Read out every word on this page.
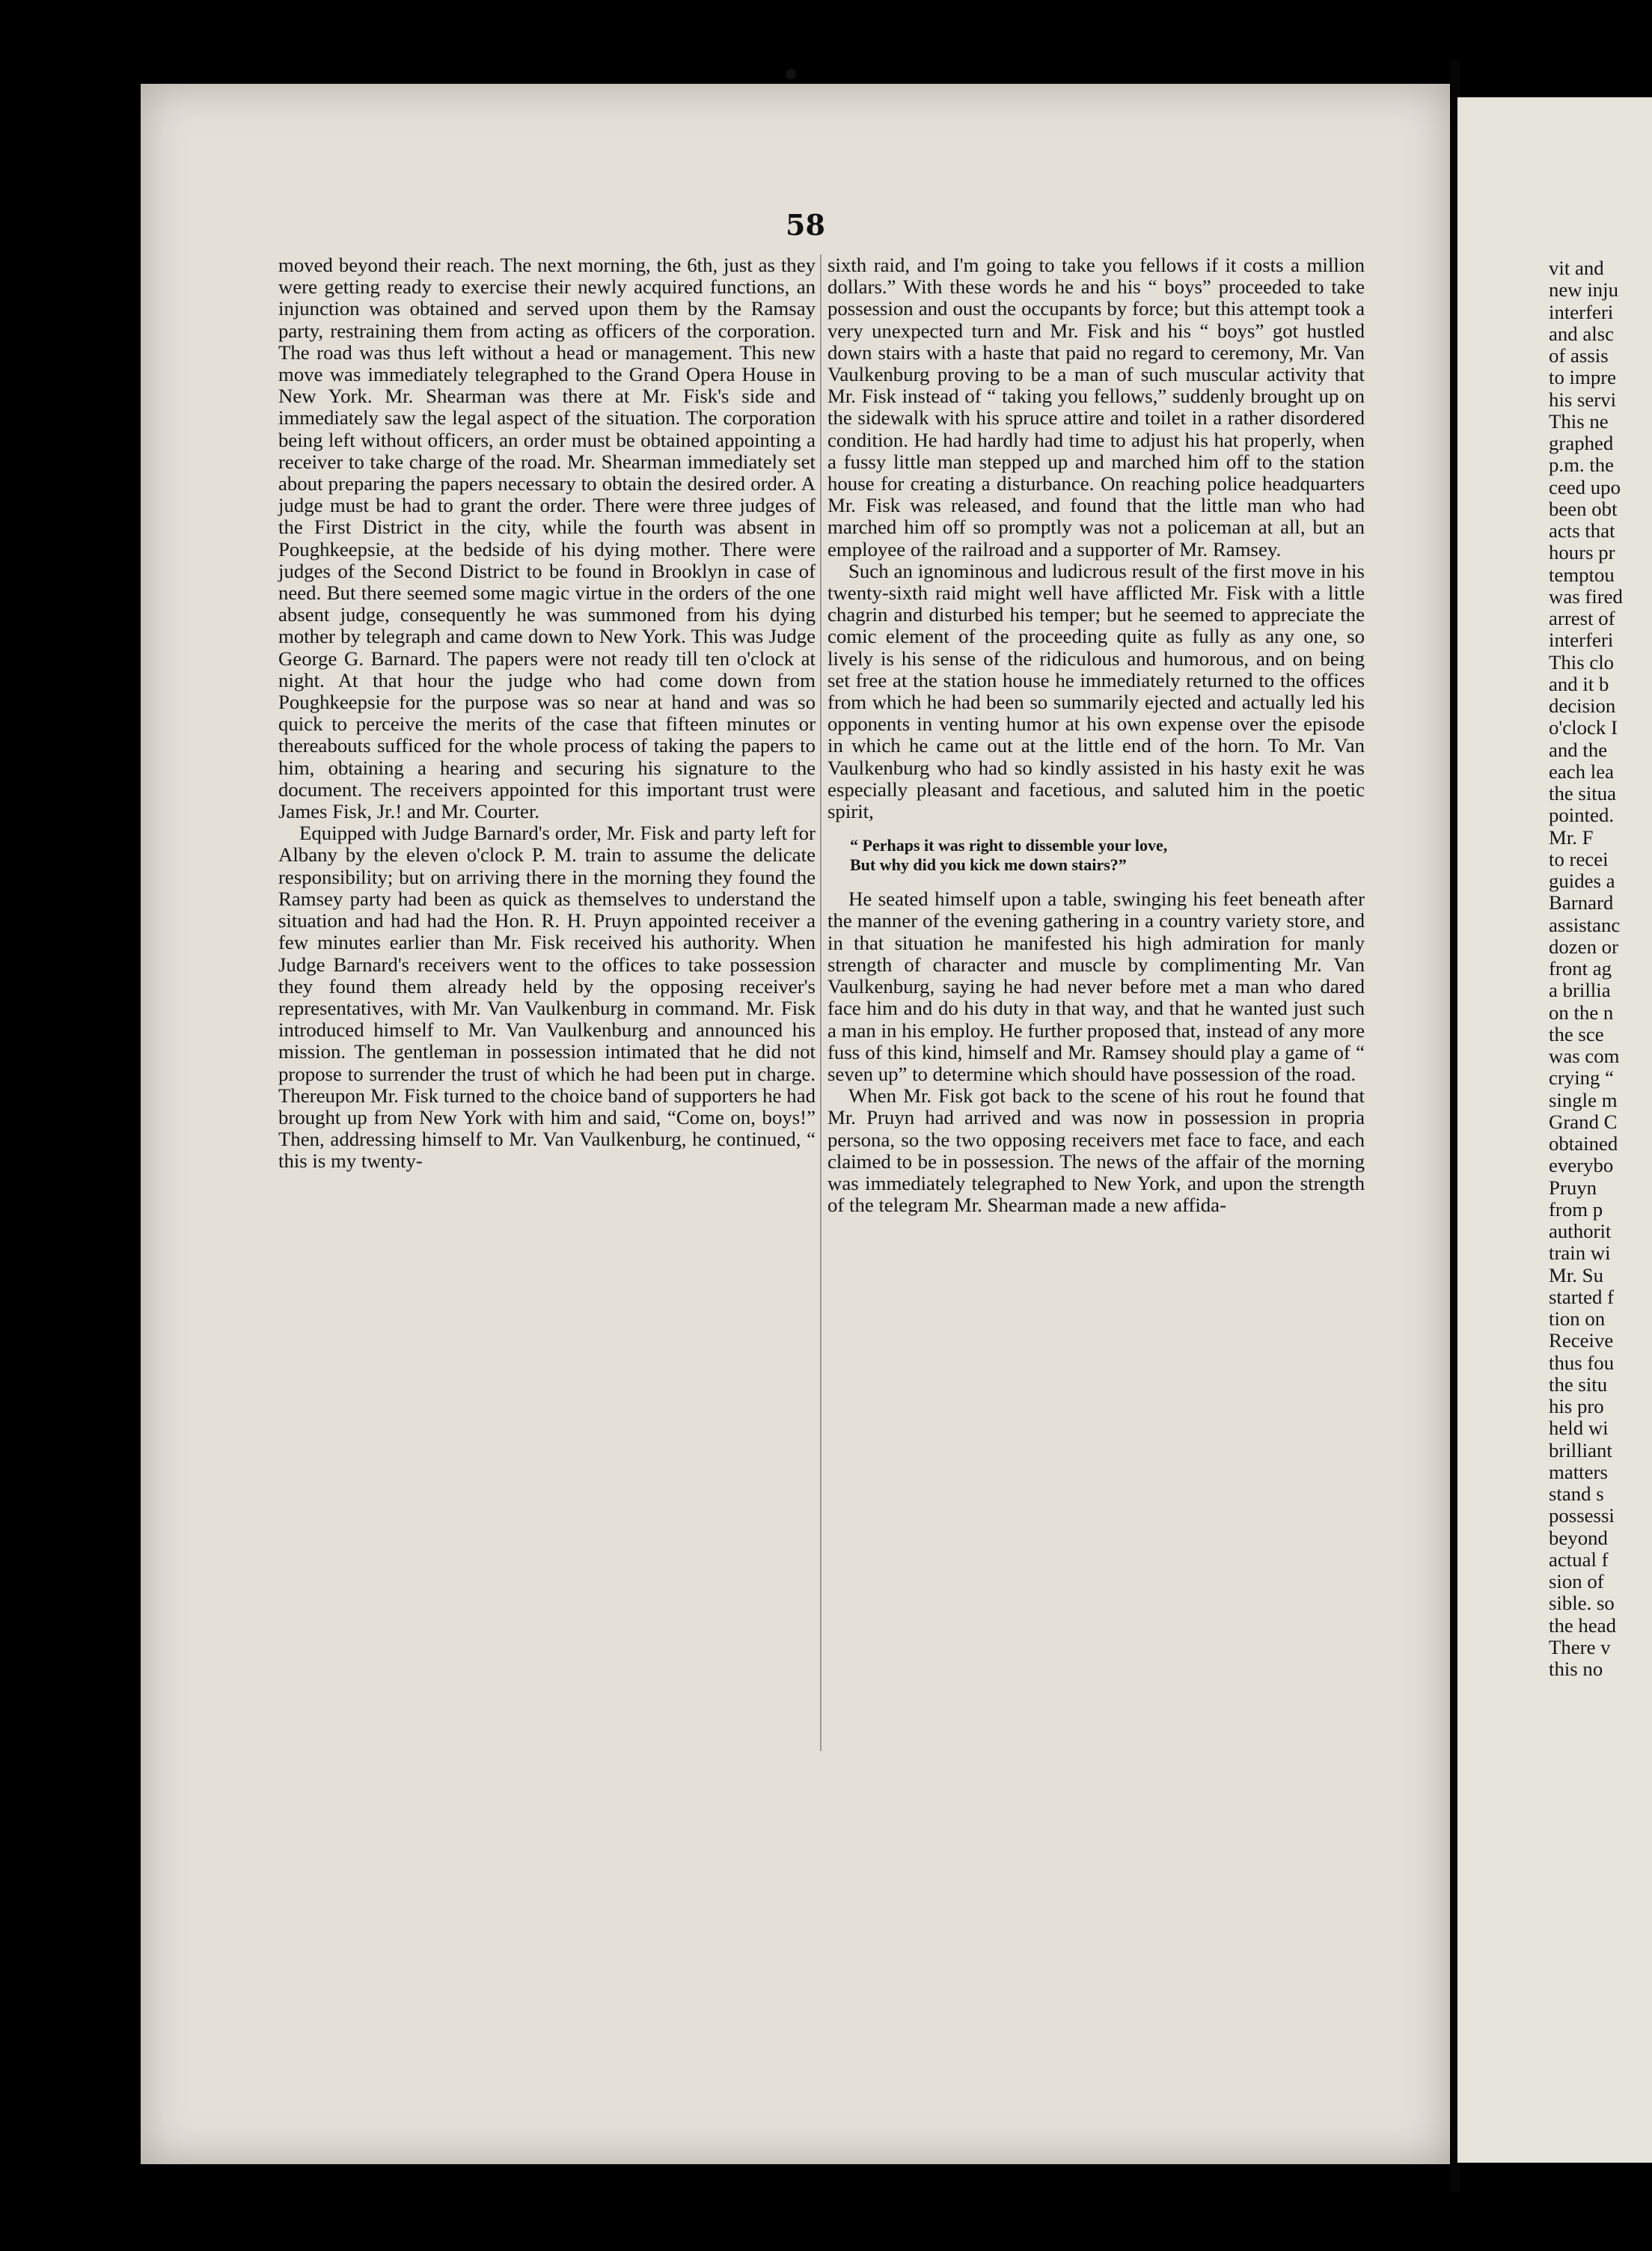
58

moved beyond their reach. The next morning, the 6th, just as they were getting ready to exercise their newly acquired functions, an injunction was obtained and served upon them by the Ramsay party, restraining them from acting as officers of the corporation. The road was thus left without a head or management. This new move was immediately telegraphed to the Grand Opera House in New York. Mr. Shearman was there at Mr. Fisk's side and immediately saw the legal aspect of the situation. The corporation being left without officers, an order must be obtained appointing a receiver to take charge of the road. Mr. Shearman immediately set about preparing the papers necessary to obtain the desired order. A judge must be had to grant the order. There were three judges of the First District in the city, while the fourth was absent in Poughkeepsie, at the bedside of his dying mother. There were judges of the Second District to be found in Brooklyn in case of need. But there seemed some magic virtue in the orders of the one absent judge, consequently he was summoned from his dying mother by telegraph and came down to New York. This was Judge George G. Barnard. The papers were not ready till ten o'clock at night. At that hour the judge who had come down from Poughkeepsie for the purpose was so near at hand and was so quick to perceive the merits of the case that fifteen minutes or thereabouts sufficed for the whole process of taking the papers to him, obtaining a hearing and securing his signature to the document. The receivers appointed for this important trust were James Fisk, Jr.! and Mr. Courter.

Equipped with Judge Barnard's order, Mr. Fisk and party left for Albany by the eleven o'clock P. M. train to assume the delicate responsibility; but on arriving there in the morning they found the Ramsey party had been as quick as themselves to understand the situation and had had the Hon. R. H. Pruyn appointed receiver a few minutes earlier than Mr. Fisk received his authority. When Judge Barnard's receivers went to the offices to take possession they found them already held by the opposing receiver's representatives, with Mr. Van Vaulkenburg in command. Mr. Fisk introduced himself to Mr. Van Vaulkenburg and announced his mission. The gentleman in possession intimated that he did not propose to surrender the trust of which he had been put in charge. Thereupon Mr. Fisk turned to the choice band of supporters he had brought up from New York with him and said, “Come on, boys!” Then, addressing himself to Mr. Van Vaulkenburg, he continued, “ this is my twenty-

sixth raid, and I'm going to take you fellows if it costs a million dollars.” With these words he and his “ boys” proceeded to take possession and oust the occupants by force; but this attempt took a very unexpected turn and Mr. Fisk and his “ boys” got hustled down stairs with a haste that paid no regard to ceremony, Mr. Van Vaulkenburg proving to be a man of such muscular activity that Mr. Fisk instead of “ taking you fellows,” suddenly brought up on the sidewalk with his spruce attire and toilet in a rather disordered condition. He had hardly had time to adjust his hat properly, when a fussy little man stepped up and marched him off to the station house for creating a disturbance. On reaching police headquarters Mr. Fisk was released, and found that the little man who had marched him off so promptly was not a policeman at all, but an employee of the railroad and a supporter of Mr. Ramsey.

Such an ignominous and ludicrous result of the first move in his twenty-sixth raid might well have afflicted Mr. Fisk with a little chagrin and disturbed his temper; but he seemed to appreciate the comic element of the proceeding quite as fully as any one, so lively is his sense of the ridiculous and humorous, and on being set free at the station house he immediately returned to the offices from which he had been so summarily ejected and actually led his opponents in venting humor at his own expense over the episode in which he came out at the little end of the horn. To Mr. Van Vaulkenburg who had so kindly assisted in his hasty exit he was especially pleasant and facetious, and saluted him in the poetic spirit,

“ Perhaps it was right to dissemble your love,
But why did you kick me down stairs?”

He seated himself upon a table, swinging his feet beneath after the manner of the evening gathering in a country variety store, and in that situation he manifested his high admiration for manly strength of character and muscle by complimenting Mr. Van Vaulkenburg, saying he had never before met a man who dared face him and do his duty in that way, and that he wanted just such a man in his employ. He further proposed that, instead of any more fuss of this kind, himself and Mr. Ramsey should play a game of “ seven up” to determine which should have possession of the road.

When Mr. Fisk got back to the scene of his rout he found that Mr. Pruyn had arrived and was now in possession in propria persona, so the two opposing receivers met face to face, and each claimed to be in possession. The news of the affair of the morning was immediately telegraphed to New York, and upon the strength of the telegram Mr. Shearman made a new affida-

vit and
new inju
interferi
and alsc
of assis
to impre
his servi
This ne
graphed
p.m. the
ceed upo
been obt
acts that
hours pr
temptou
was fired
arrest of
interferi
This clo
and it b
decision
o'clock I
and the
each lea
the situa
pointed.
Mr. F
to recei
guides a
Barnard
assistanc
dozen or
front ag
a brillia
on the n
the sce
was com
crying “
single m
Grand C
obtained
everybo
Pruyn
from p
authorit
train wi
Mr. Su
started f
tion on
Receive
thus fou
the situ
his pro
held wi
brilliant
matters
stand s
possessi
beyond
actual f
sion of
sible. so
the head
There v
this no
